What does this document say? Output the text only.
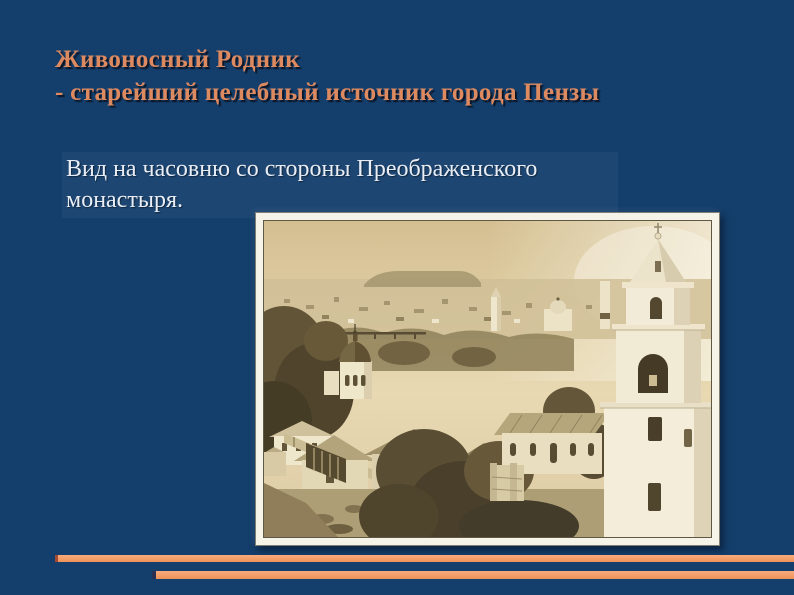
Живоносный Родник
- старейший целебный источник города Пензы
Вид на часовню со стороны Преображенского монастыря.
